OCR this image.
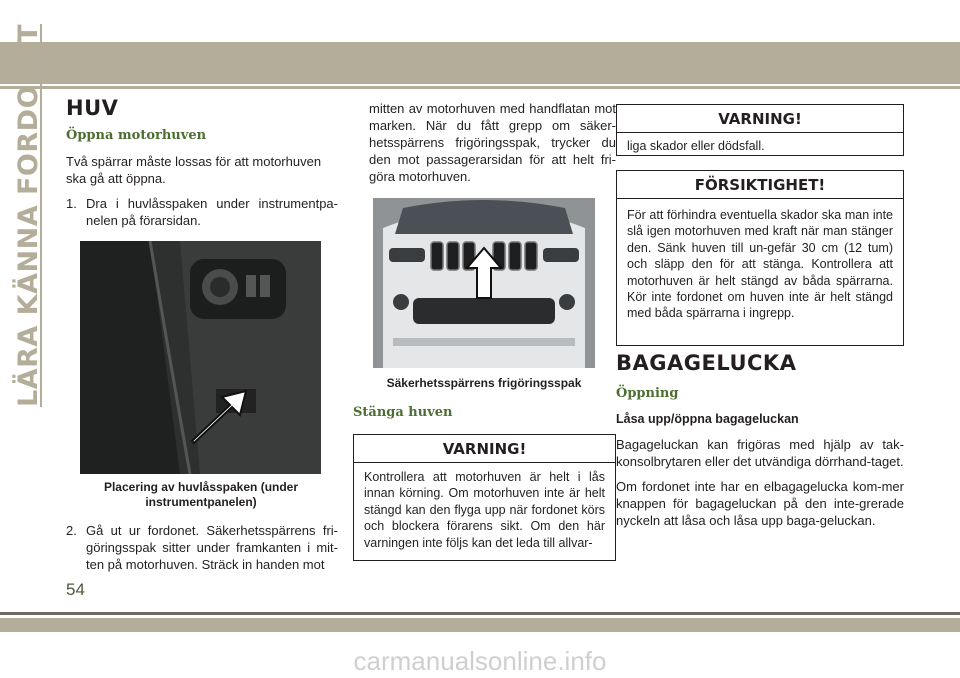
LÄRA KÄNNA FORDONET HUV
Öppna motorhuven

Två spärrar måste lossas för att motorhuven ska gå att öppna.

1. Dra i huvlåsspaken under instrumentpa-nelen på förarsidan.
Placering av huvlåsspaken (under instrumentpanelen)
2. Gå ut ur fordonet. Säkerhetsspärrens fri-göringsspak sitter under framkanten i mit-ten på motorhuven. Sträck in handen mot

mitten av motorhuven med handflatan mot marken. När du fått grepp om säker-hetsspärrens frigöringsspak, trycker du den mot passagerarsidan för att helt fri-göra motorhuven.

Säkerhetsspärrens frigöringsspak
Stänga huven
VARNING!
Kontrollera att motorhuven är helt i lås innan körning. Om motorhuven inte är helt stängd kan den flyga upp när fordonet körs och blockera förarens sikt. Om den här varningen inte följs kan det leda till allvar-
VARNING!
liga skador eller dödsfall.
FÖRSIKTIGHET!
För att förhindra eventuella skador ska man inte slå igen motorhuven med kraft när man stänger den. Sänk huven till un-gefär 30 cm (12 tum) och släpp den för att stänga. Kontrollera att motorhuven är helt stängd av båda spärrarna. Kör inte fordonet om huven inte är helt stängd med båda spärrarna i ingrepp.
BAGAGELUCKA
Öppning
Låsa upp/öppna bagageluckan

Bagageluckan kan frigöras med hjälp av tak-konsolbrytaren eller det utvändiga dörrhand-taget.

Om fordonet inte har en elbagagelucka kom-mer knappen för bagageluckan på den inte-grerade nyckeln att låsa och låsa upp baga-geluckan.

54
carmanualsonline.info
